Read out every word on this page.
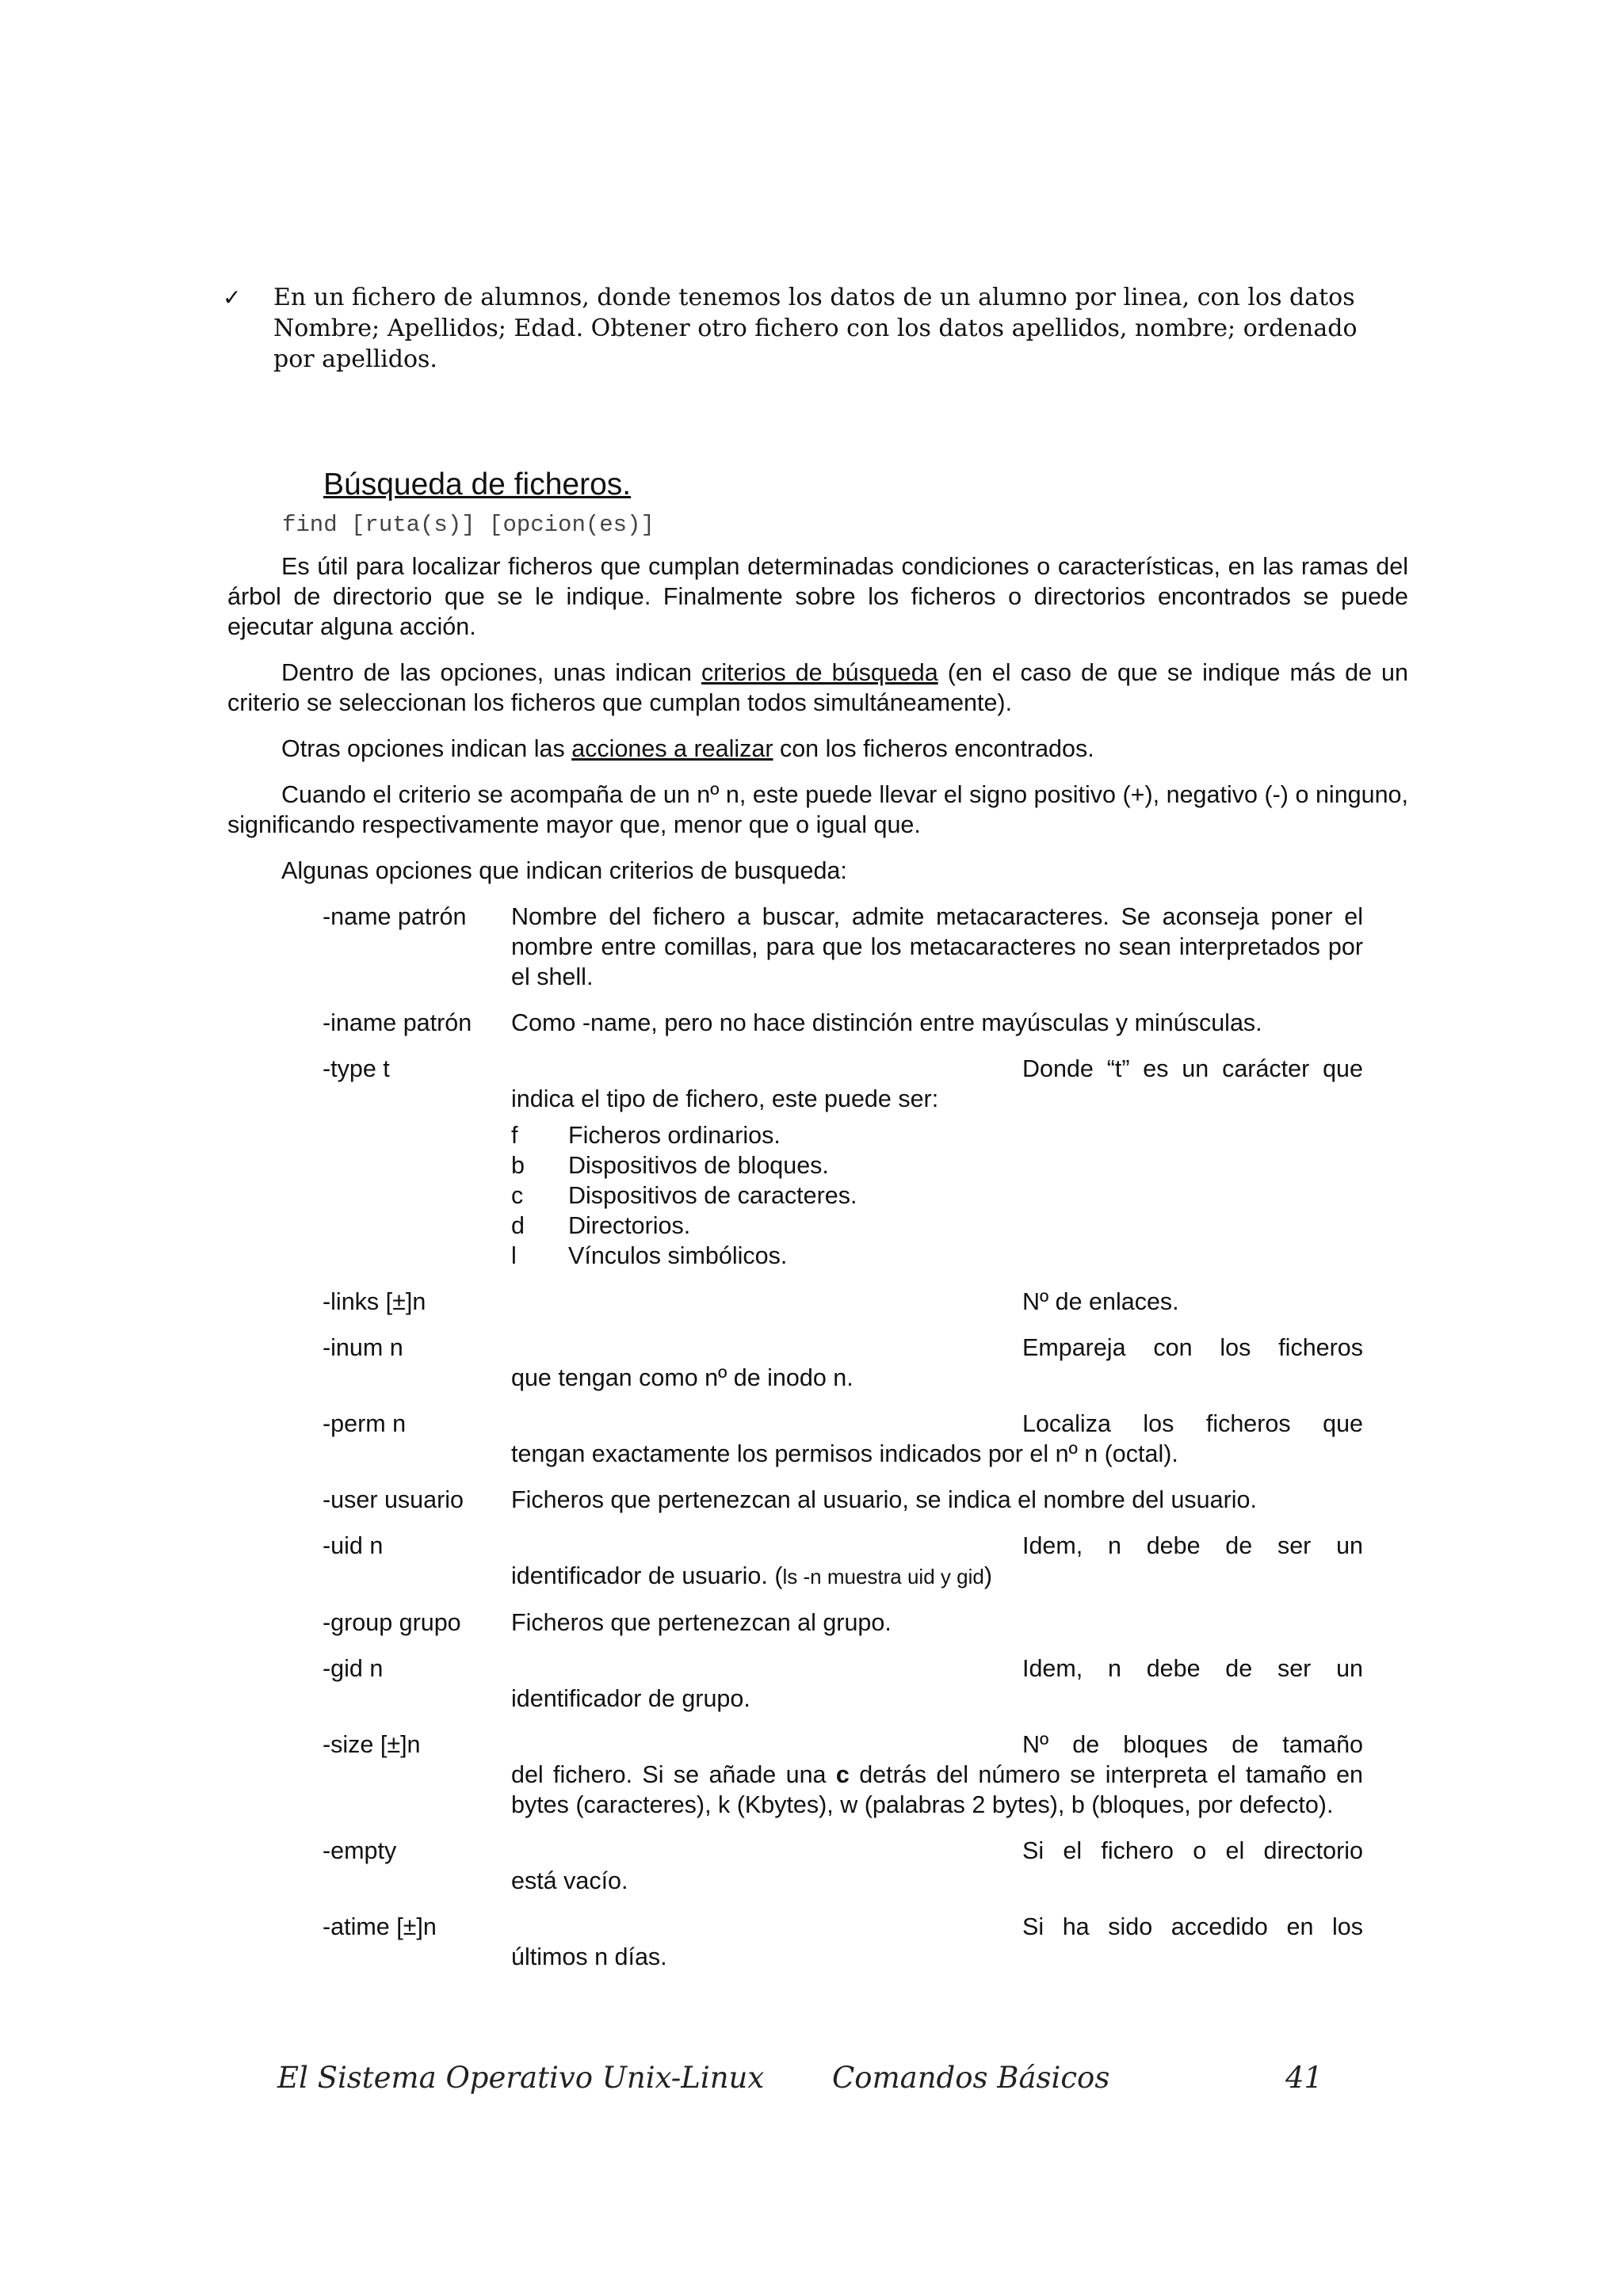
✓ En un fichero de alumnos, donde tenemos los datos de un alumno por linea, con los datos Nombre; Apellidos; Edad. Obtener otro fichero con los datos apellidos, nombre; ordenado por apellidos.
Búsqueda de ficheros.
find [ruta(s)] [opcion(es)]

Es útil para localizar ficheros que cumplan determinadas condiciones o características, en las ramas del árbol de directorio que se le indique. Finalmente sobre los ficheros o directorios encontrados se puede ejecutar alguna acción.

Dentro de las opciones, unas indican criterios de búsqueda (en el caso de que se indique más de un criterio se seleccionan los ficheros que cumplan todos simultáneamente).

Otras opciones indican las acciones a realizar con los ficheros encontrados.

Cuando el criterio se acompaña de un nº n, este puede llevar el signo positivo (+), negativo (-) o ninguno, significando respectivamente mayor que, menor que o igual que.

Algunas opciones que indican criterios de busqueda:

-name patrón	Nombre del fichero a buscar, admite metacaracteres. Se aconseja poner el nombre entre comillas, para que los metacaracteres no sean interpretados por el shell.
-iname patrón	Como -name, pero no hace distinción entre mayúsculas y minúsculas.
-type t	Donde “t” es un carácter que
indica el tipo de fichero, este puede ser:
f	Ficheros ordinarios.
b	Dispositivos de bloques.
c	Dispositivos de caracteres.
d	Directorios.
l	Vínculos simbólicos.
-links [±]n	Nº de enlaces.
-inum n	Empareja con los ficheros
que tengan como nº de inodo n.
-perm n	Localiza los ficheros que
tengan exactamente los permisos indicados por el nº n (octal).
-user usuario	Ficheros que pertenezcan al usuario, se indica el nombre del usuario.
-uid n	Idem, n debe de ser un
identificador de usuario. (ls -n muestra uid y gid)
-group grupo	Ficheros que pertenezcan al grupo.
-gid n	Idem, n debe de ser un
identificador de grupo.
-size [±]n	Nº de bloques de tamaño
del fichero. Si se añade una c detrás del número se interpreta el tamaño en bytes (caracteres), k (Kbytes), w (palabras 2 bytes), b (bloques, por defecto).
-empty	Si el fichero o el directorio
está vacío.
-atime [±]n	Si ha sido accedido en los
últimos n días.
El Sistema Operativo Unix-Linux Comandos Básicos	41
